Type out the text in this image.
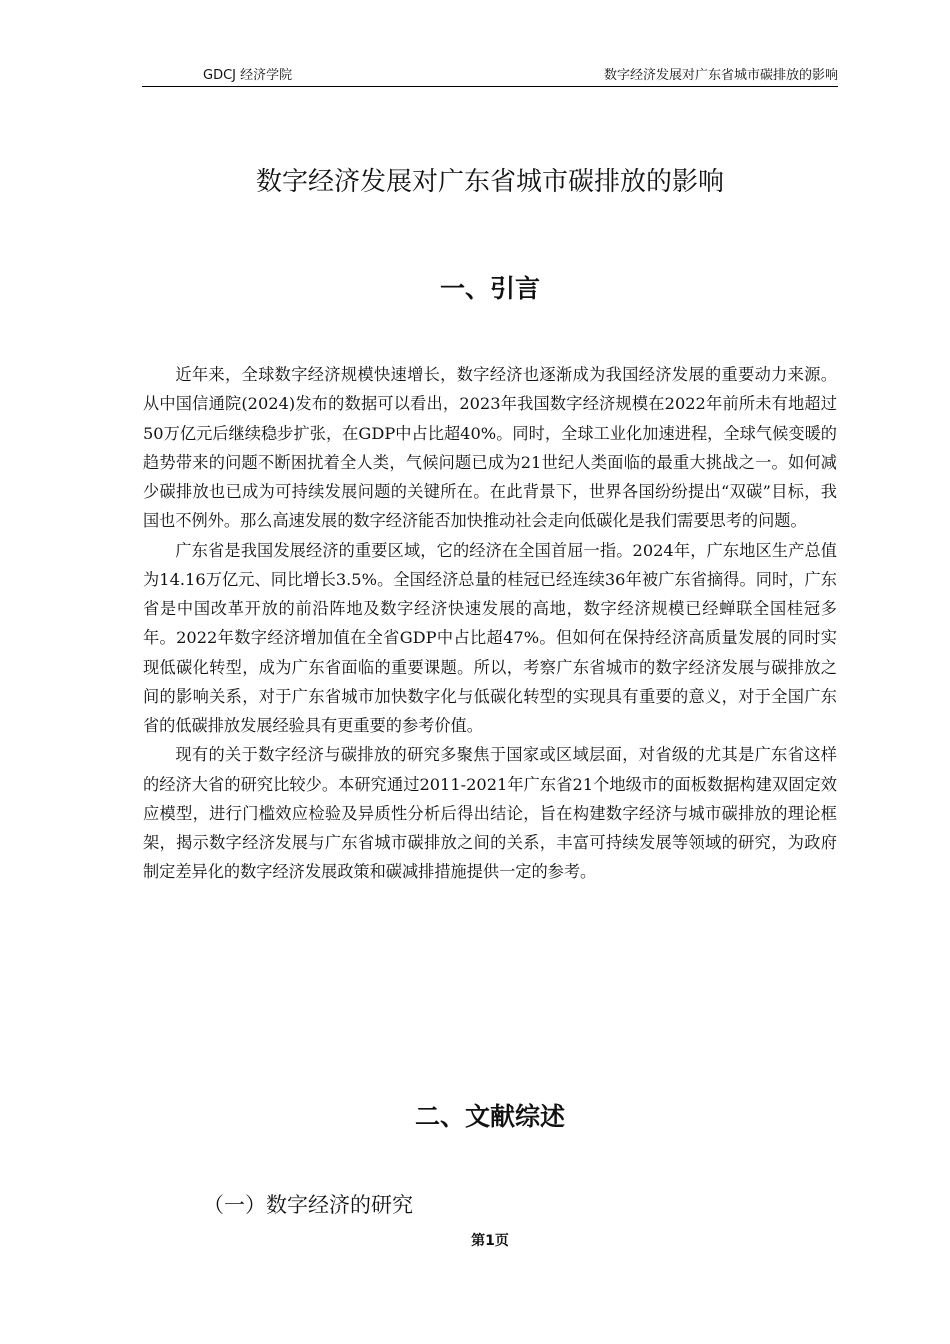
GDCJ 经济学院	数字经济发展对广东省城市碳排放的影响
数字经济发展对广东省城市碳排放的影响
一、引言

近年来，全球数字经济规模快速增长，数字经济也逐渐成为我国经济发展的重要动力来源。从中国信通院(2024)发布的数据可以看出，2023年我国数字经济规模在2022年前所未有地超过50万亿元后继续稳步扩张，在GDP中占比超40%。同时，全球工业化加速进程，全球气候变暖的趋势带来的问题不断困扰着全人类，气候问题已成为21世纪人类面临的最重大挑战之一。如何减少碳排放也已成为可持续发展问题的关键所在。在此背景下，世界各国纷纷提出“双碳”目标，我国也不例外。那么高速发展的数字经济能否加快推动社会走向低碳化是我们需要思考的问题。

广东省是我国发展经济的重要区域，它的经济在全国首屈一指。2024年，广东地区生产总值为14.16万亿元、同比增长3.5%。全国经济总量的桂冠已经连续36年被广东省摘得。同时，广东省是中国改革开放的前沿阵地及数字经济快速发展的高地，数字经济规模已经蝉联全国桂冠多年。2022年数字经济增加值在全省GDP中占比超47%。但如何在保持经济高质量发展的同时实现低碳化转型，成为广东省面临的重要课题。所以，考察广东省城市的数字经济发展与碳排放之间的影响关系，对于广东省城市加快数字化与低碳化转型的实现具有重要的意义，对于全国广东省的低碳排放发展经验具有更重要的参考价值。

现有的关于数字经济与碳排放的研究多聚焦于国家或区域层面，对省级的尤其是广东省这样的经济大省的研究比较少。本研究通过2011-2021年广东省21个地级市的面板数据构建双固定效应模型，进行门槛效应检验及异质性分析后得出结论，旨在构建数字经济与城市碳排放的理论框架，揭示数字经济发展与广东省城市碳排放之间的关系，丰富可持续发展等领域的研究，为政府制定差异化的数字经济发展政策和碳减排措施提供一定的参考。

二、文献综述
（一）数字经济的研究
第1页
